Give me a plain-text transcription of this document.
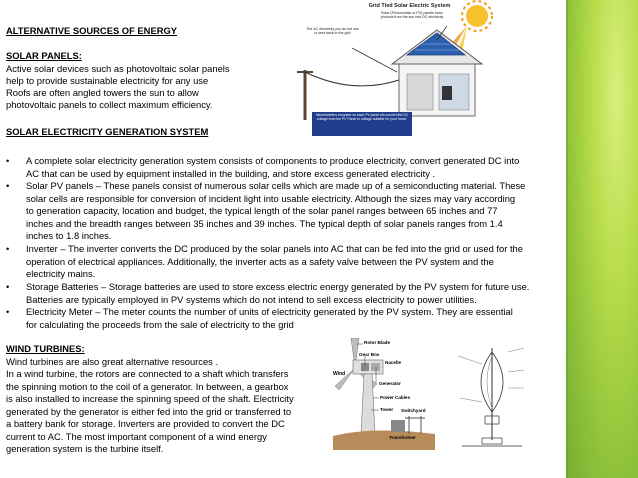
ALTERNATIVE SOURCES OF ENERGY
SOLAR PANELS:
Active solar devices such as photovoltaic solar panels
help to provide sustainable electricity for any use
Roofs are often angled towers the sun to allow
photovoltaic panels to collect maximum efficiency.
SOLAR ELECTRICITY GENERATION SYSTEM
• A complete solar electricity generation system consists of components to produce electricity, convert generated DC into
AC that can be used by equipment installed in the building, and store excess generated electricity .
• Solar PV panels – These panels consist of numerous solar cells which are made up of a semiconducting material. These
solar cells are responsible for conversion of incident light into usable electricity. Although the sizes may vary according
to generation capacity, location and budget, the typical length of the solar panel ranges between 65 inches and 77
inches and the breadth ranges between 35 inches and 39 inches. The typical depth of solar panels ranges from 1.4
inches to 1.8 inches.
• Inverter – The inverter converts the DC produced by the solar panels into AC that can be fed into the grid or used for the
operation of electrical appliances. Additionally, the inverter acts as a safety valve between the PV system and the
electricity mains.
• Storage Batteries – Storage batteries are used to store excess electric energy generated by the PV system for future use.
Batteries are typically employed in PV systems which do not intend to sell excess electricity to power utilities.
• Electricity Meter – The meter counts the number of units of electricity generated by the PV system. They are essential
for calculating the proceeds from the sale of electricity to the grid
WIND TURBINES:
Wind turbines are also great alternative resources .
In a wind turbine, the rotors are connected to a shaft which transfers
the spinning motion to the coil of a generator. In between, a gearbox
is also installed to increase the spinning speed of the shaft. Electricity
generated by the generator is either fed into the grid or transferred to
a battery bank for storage. Inverters are provided to convert the DC
current to AC. The most important component of a wind energy
generation system is the turbine itself.
Grid Tied Solar Electric System
Solar (Photovoltaic or PV) panels turns photons from the sun into DC electricity
The AC electricity you do not use is sent back to the grid
Microinverters mounted on each PV panel will convert the DC voltage from the PV Panel to voltage suitable for your home.
Rotor Blade
Gear Box
Nacelle
Wind
Generator
Power Cables
Tower Switchyard
Transformer
